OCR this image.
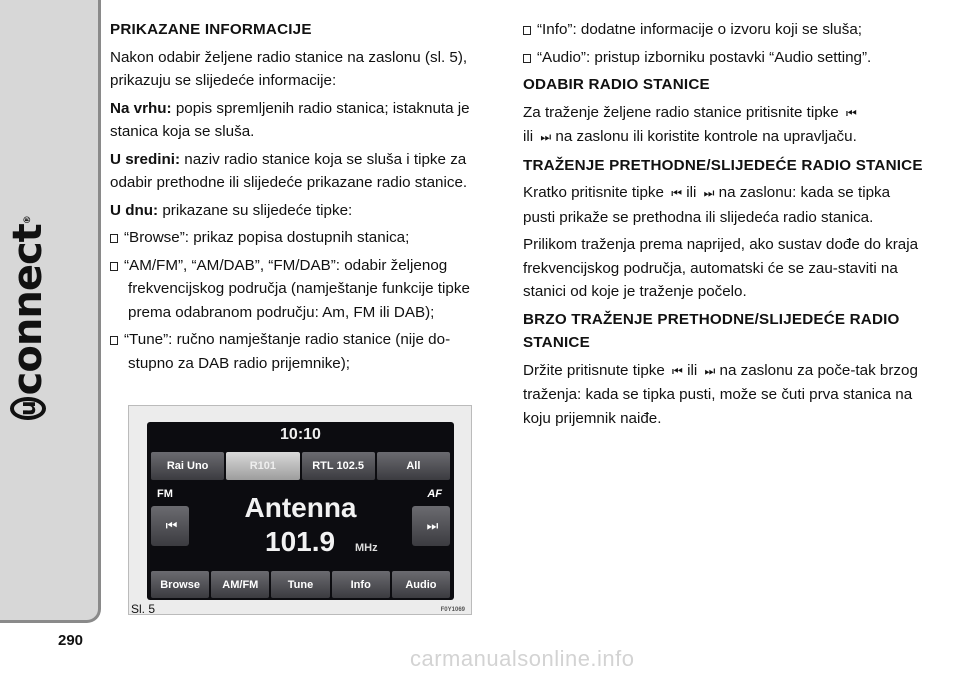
u
connect
®
290

PRIKAZANE INFORMACIJE

Nakon odabir željene radio stanice na zaslonu (sl. 5), prikazuju se slijedeće informacije:

Na vrhu: popis spremljenih radio stanica; istaknuta je stanica koja se sluša.

U sredini: naziv radio stanice koja se sluša i tipke za odabir prethodne ili slijedeće prikazane radio stanice.

U dnu: prikazane su slijedeće tipke:

“Browse”: prikaz popisa dostupnih stanica;

“AM/FM”, “AM/DAB”, “FM/DAB”: odabir željenog frekvencijskog područja (namještanje funkcije tipke prema odabranom području: Am, FM ili DAB);

“Tune”: ručno namještanje radio stanice (nije do-stupno za DAB radio prijemnike);

“Info”: dodatne informacije o izvoru koji se sluša;

“Audio”: pristup izborniku postavki “Audio setting”.

ODABIR RADIO STANICE

Za traženje željene radio stanice pritisnite tipke ⏮
ili ⏭ na zaslonu ili koristite kontrole na upravljaču.

TRAŽENJE PRETHODNE/SLIJEDEĆE RADIO STANICE

Kratko pritisnite tipke ⏮ ili ⏭ na zaslonu: kada se tipka pusti prikaže se prethodna ili slijedeća radio stanica.

Prilikom traženja prema naprijed, ako sustav dođe do kraja frekvencijskog područja, automatski će se zau-staviti na stanici od koje je traženje počelo.

BRZO TRAŽENJE PRETHODNE/SLIJEDEĆE RADIO STANICE

Držite pritisnute tipke ⏮ ili ⏭ na zaslonu za poče-tak brzog traženja: kada se tipka pusti, može se čuti prva stanica na koju prijemnik naiđe.

10:10
Rai Uno	R101	RTL 102.5	All
FM	AF
⏮	⏭
Antenna
101.9 MHz
Browse	AM/FM	Tune	Info	Audio
Sl. 5	F0Y1069
carmanualsonline.info
